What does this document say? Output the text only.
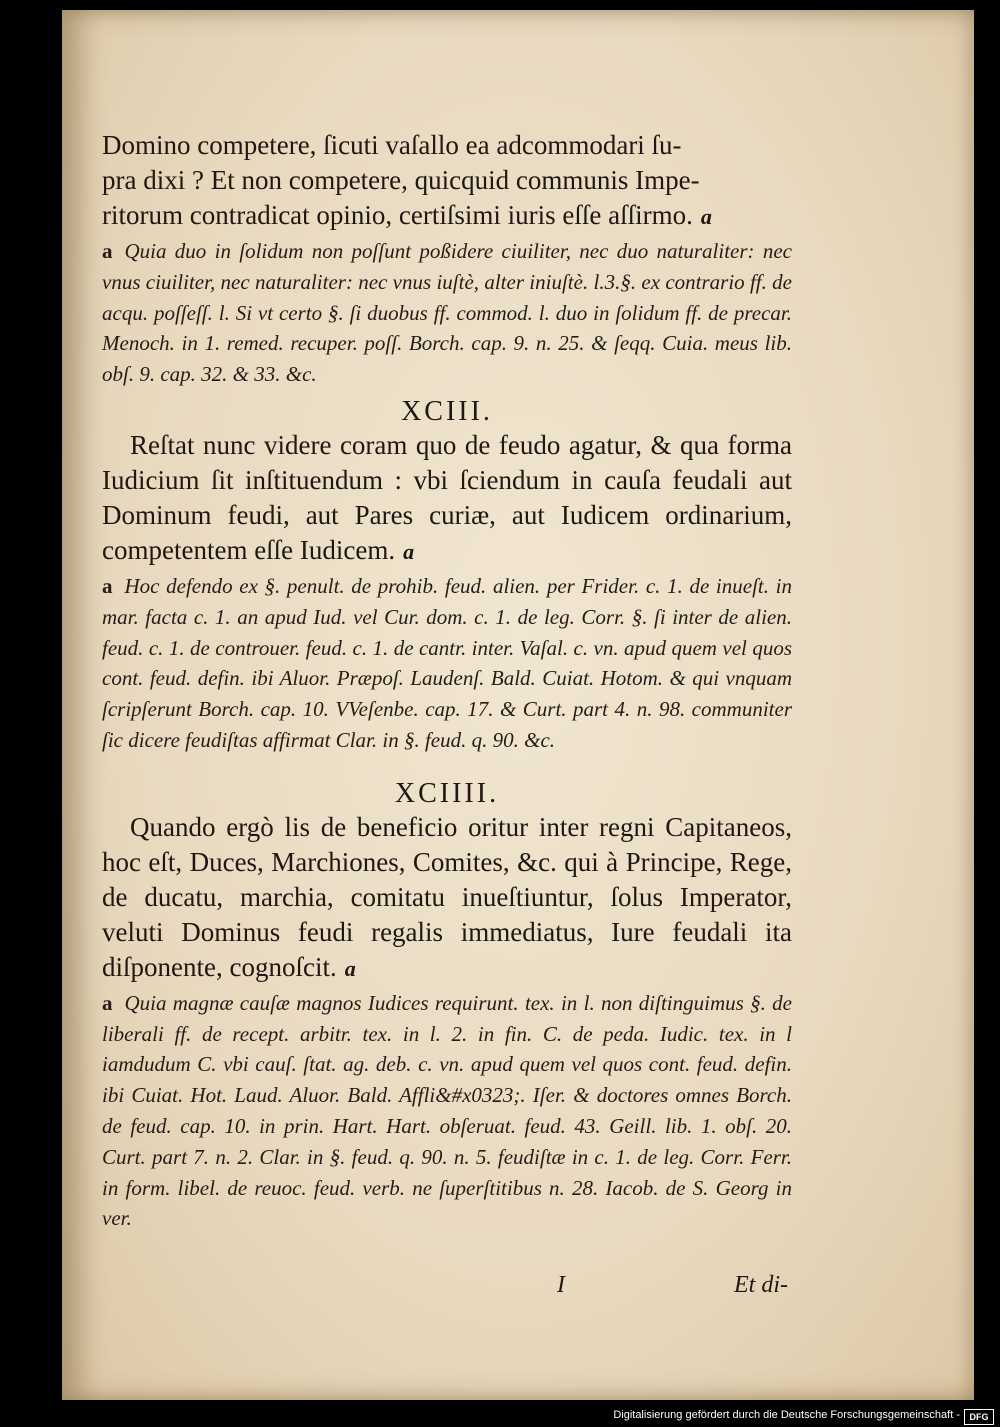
Domino competere, ſicuti vaſallo ea adcommodari ſu-
pra dixi ? Et non competere, quicquid communis Impe-
ritorum contradicat opinio, certiſsimi iuris eſſe aſſirmo. a

a Quia duo in ſolidum non poſſunt poßidere ciuiliter, nec duo naturaliter: nec vnus ciuiliter, nec naturaliter: nec vnus iuſtè, alter iniuſtè. l.3.§. ex contrario ff. de acqu. poſſeſſ. l. Si vt certo §. ſi duobus ff. commod. l. duo in ſolidum ff. de precar. Menoch. in 1. remed. recuper. poſſ. Borch. cap. 9. n. 25. & ſeqq. Cuia. meus lib. obſ. 9. cap. 32. & 33. &c.

XCIII.

Reſtat nunc videre coram quo de feudo agatur, & qua forma Iudicium ſit inſtituendum : vbi ſciendum in cauſa feudali aut Dominum feudi, aut Pares curiæ, aut Iudicem ordinarium, competentem eſſe Iudicem. a

a Hoc defendo ex §. penult. de prohib. feud. alien. per Frider. c. 1. de inueſt. in mar. facta c. 1. an apud Iud. vel Cur. dom. c. 1. de leg. Corr. §. ſi inter de alien. feud. c. 1. de controuer. feud. c. 1. de cantr. inter. Vaſal. c. vn. apud quem vel quos cont. feud. defin. ibi Aluor. Præpoſ. Laudenſ. Bald. Cuiat. Hotom. & qui vnquam ſcripſerunt Borch. cap. 10. VVeſenbe. cap. 17. & Curt. part 4. n. 98. communiter ſic dicere feudiſtas affirmat Clar. in §. feud. q. 90. &c.

XCIIII.

Quando ergò lis de beneficio oritur inter regni Capitaneos, hoc eſt, Duces, Marchiones, Comites, &c. qui à Principe, Rege, de ducatu, marchia, comitatu inueſtiuntur, ſolus Imperator, veluti Dominus feudi regalis immediatus, Iure feudali ita diſponente, cognoſcit. a

a Quia magnæ cauſæ magnos Iudices requirunt. tex. in l. non diſtinguimus §. de liberali ff. de recept. arbitr. tex. in l. 2. in fin. C. de peda. Iudic. tex. in l iamdudum C. vbi cauſ. ſtat. ag. deb. c. vn. apud quem vel quos cont. feud. defin. ibi Cuiat. Hot. Laud. Aluor. Bald. Affli&#x0323;. Iſer. & doctores omnes Borch. de feud. cap. 10. in prin. Hart. Hart. obſeruat. feud. 43. Geill. lib. 1. obſ. 20. Curt. part 7. n. 2. Clar. in §. feud. q. 90. n. 5. feudiſtæ in c. 1. de leg. Corr. Ferr. in form. libel. de reuoc. feud. verb. ne ſuperſtitibus n. 28. Iacob. de S. Georg in ver.

I	Et di-
Digitalisierung gefördert durch die Deutsche Forschungsgemeinschaft -	DFG
